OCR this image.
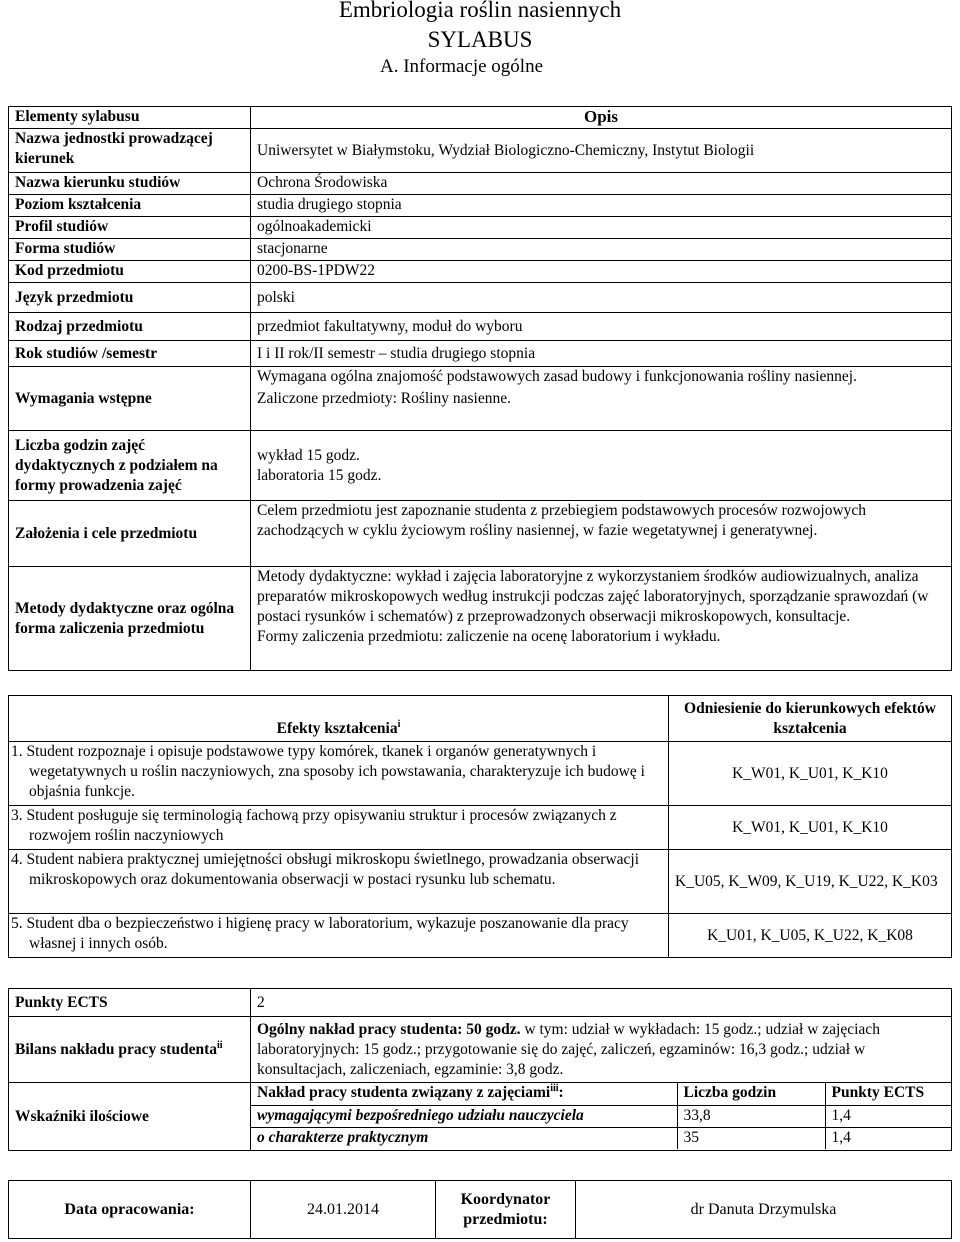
Embriologia roślin nasiennych
SYLABUS
A. Informacje ogólne
Elementy sylabusu	Opis
Nazwa jednostki prowadzącej kierunek	Uniwersytet w Białymstoku, Wydział Biologiczno-Chemiczny, Instytut Biologii
Nazwa kierunku studiów	Ochrona Środowiska
Poziom kształcenia	studia drugiego stopnia
Profil studiów	ogólnoakademicki
Forma studiów	stacjonarne
Kod przedmiotu	0200-BS-1PDW22
Język przedmiotu	polski
Rodzaj przedmiotu	przedmiot fakultatywny, moduł do wyboru
Rok studiów /semestr	I i II rok/II semestr – studia drugiego stopnia
Wymagania wstępne	Wymagana ogólna znajomość podstawowych zasad budowy i funkcjonowania rośliny nasiennej.
Zaliczone przedmioty: Rośliny nasienne.

Liczba godzin zajęć dydaktycznych z podziałem na formy prowadzenia zajęć	wykład 15 godz.
laboratoria 15 godz.

Założenia i cele przedmiotu	Celem przedmiotu jest zapoznanie studenta z przebiegiem podstawowych procesów rozwojowych zachodzących w cyklu życiowym rośliny nasiennej, w fazie wegetatywnej i generatywnej.
Metody dydaktyczne oraz ogólna forma zaliczenia przedmiotu	Metody dydaktyczne: wykład i zajęcia laboratoryjne z wykorzystaniem środków audiowizualnych, analiza preparatów mikroskopowych według instrukcji podczas zajęć laboratoryjnych, sporządzanie sprawozdań (w postaci rysunków i schematów) z przeprowadzonych obserwacji mikroskopowych, konsultacje.
Formy zaliczenia przedmiotu: zaliczenie na ocenę laboratorium i wykładu.
Efekty kształcenia$^i$	Odniesienie do kierunkowych efektów kształcenia
1. Student rozpoznaje i opisuje podstawowe typy komórek, tkanek i organów generatywnych i wegetatywnych u roślin naczyniowych, zna sposoby ich powstawania, charakteryzuje ich budowę i objaśnia funkcje.	K_W01, K_U01, K_K10
3. Student posługuje się terminologią fachową przy opisywaniu struktur i procesów związanych z rozwojem roślin naczyniowych	K_W01, K_U01, K_K10
4. Student nabiera praktycznej umiejętności obsługi mikroskopu świetlnego, prowadzania obserwacji mikroskopowych oraz dokumentowania obserwacji w postaci rysunku lub schematu.	K_U05, K_W09, K_U19, K_U22, K_K03
5. Student dba o bezpieczeństwo i higienę pracy w laboratorium, wykazuje poszanowanie dla pracy własnej i innych osób.	K_U01, K_U05, K_U22, K_K08
Punkty ECTS	2
Bilans nakładu pracy studenta$^{ii}$	Ogólny nakład pracy studenta: 50 godz. w tym: udział w wykładach: 15 godz.; udział w zajęciach laboratoryjnych: 15 godz.; przygotowanie się do zajęć, zaliczeń, egzaminów: 16,3 godz.; udział w konsultacjach, zaliczeniach, egzaminie: 3,8 godz.
Wskaźniki ilościowe	
Nakład pracy studenta związany z zajęciami$^{iii}$:	Liczba godzin	Punkty ECTS
wymagającymi bezpośredniego udziału nauczyciela	33,8	1,4
o charakterze praktycznym	35	1,4
Data opracowania:	24.01.2014	Koordynator przedmiotu:	dr Danuta Drzymulska
